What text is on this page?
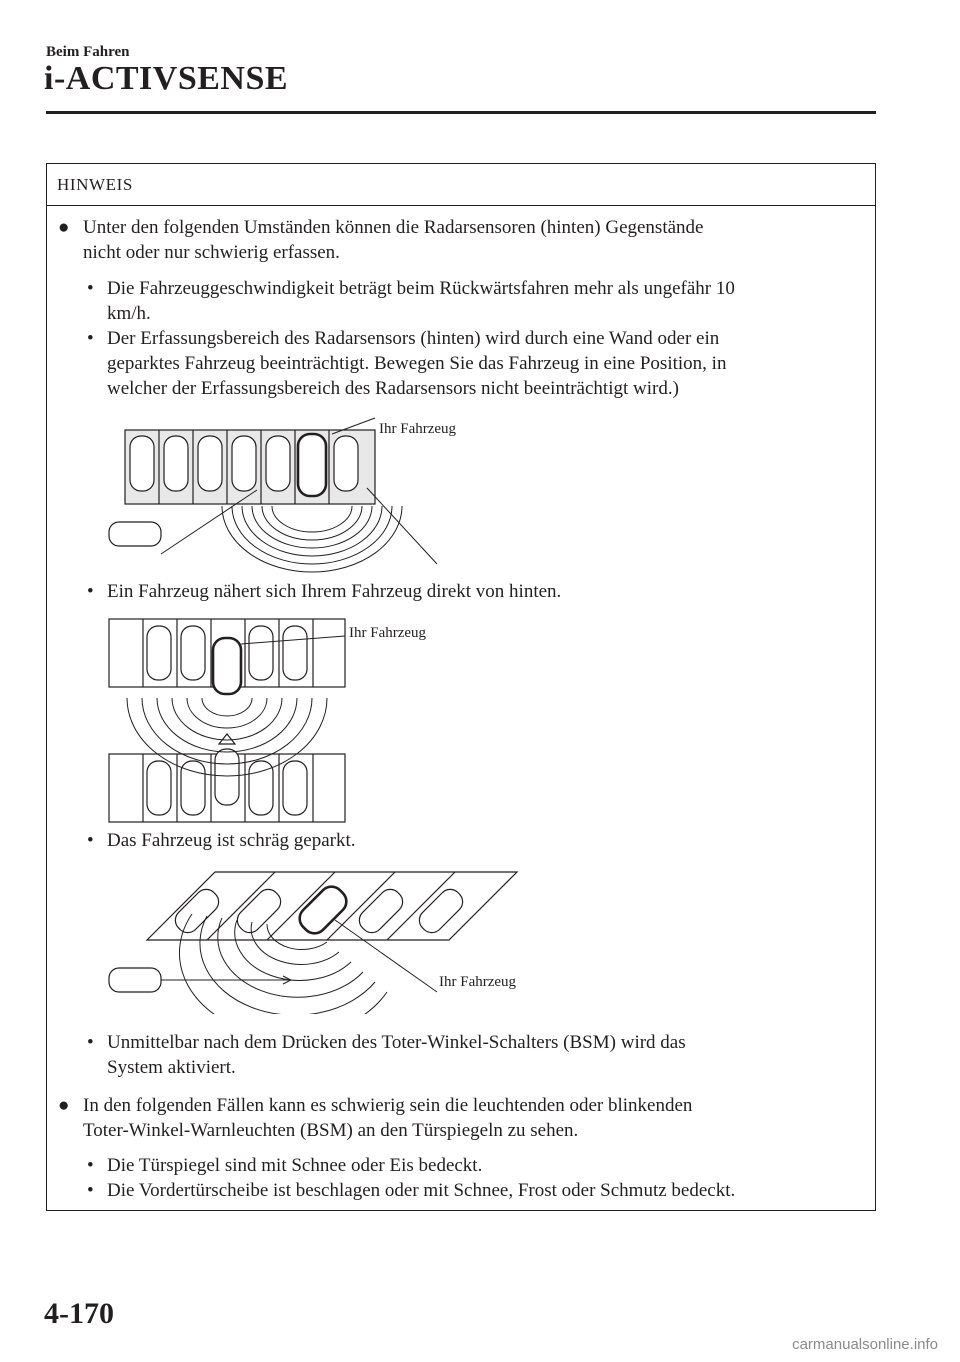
Beim Fahren
i-ACTIVSENSE
HINWEIS
● Unter den folgenden Umständen können die Radarsensoren (hinten) Gegenstände
nicht oder nur schwierig erfassen.
• Die Fahrzeuggeschwindigkeit beträgt beim Rückwärtsfahren mehr als ungefähr 10
km/h.
• Der Erfassungsbereich des Radarsensors (hinten) wird durch eine Wand oder ein
geparktes Fahrzeug beeinträchtigt. Bewegen Sie das Fahrzeug in eine Position, in
welcher der Erfassungsbereich des Radarsensors nicht beeinträchtigt wird.)
Ihr Fahrzeug
• Ein Fahrzeug nähert sich Ihrem Fahrzeug direkt von hinten.
Ihr Fahrzeug
• Das Fahrzeug ist schräg geparkt.
Ihr Fahrzeug
• Unmittelbar nach dem Drücken des Toter-Winkel-Schalters (BSM) wird das
System aktiviert.
● In den folgenden Fällen kann es schwierig sein die leuchtenden oder blinkenden
Toter-Winkel-Warnleuchten (BSM) an den Türspiegeln zu sehen.
• Die Türspiegel sind mit Schnee oder Eis bedeckt.
• Die Vordertürscheibe ist beschlagen oder mit Schnee, Frost oder Schmutz bedeckt.
4-170
carmanualsonline.info
